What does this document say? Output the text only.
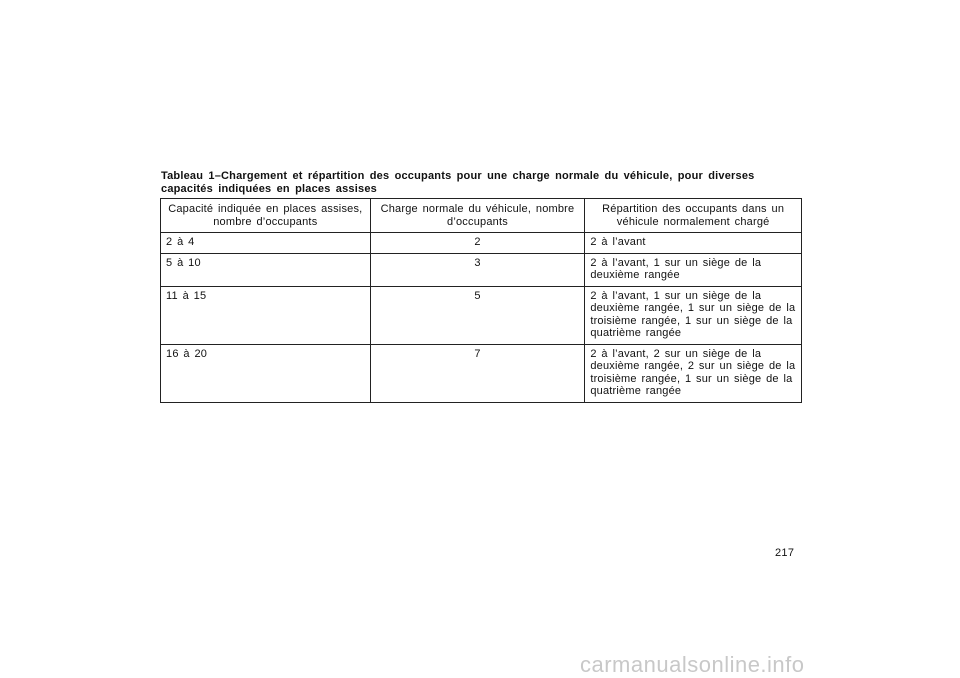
Tableau 1–Chargement et répartition des occupants pour une charge normale du véhicule, pour diverses capacités indiquées en places assises
Capacité indiquée en places assises, nombre d’occupants	Charge normale du véhicule, nombre d’occupants	Répartition des occupants dans un véhicule normalement chargé
2 à 4	2	2 à l’avant
5 à 10	3	2 à l’avant, 1 sur un siège de la deuxième rangée
11 à 15	5	2 à l’avant, 1 sur un siège de la deuxième rangée, 1 sur un siège de la troisième rangée, 1 sur un siège de la quatrième rangée
16 à 20	7	2 à l’avant, 2 sur un siège de la deuxième rangée, 2 sur un siège de la troisième rangée, 1 sur un siège de la quatrième rangée
217
carmanualsonline.info
